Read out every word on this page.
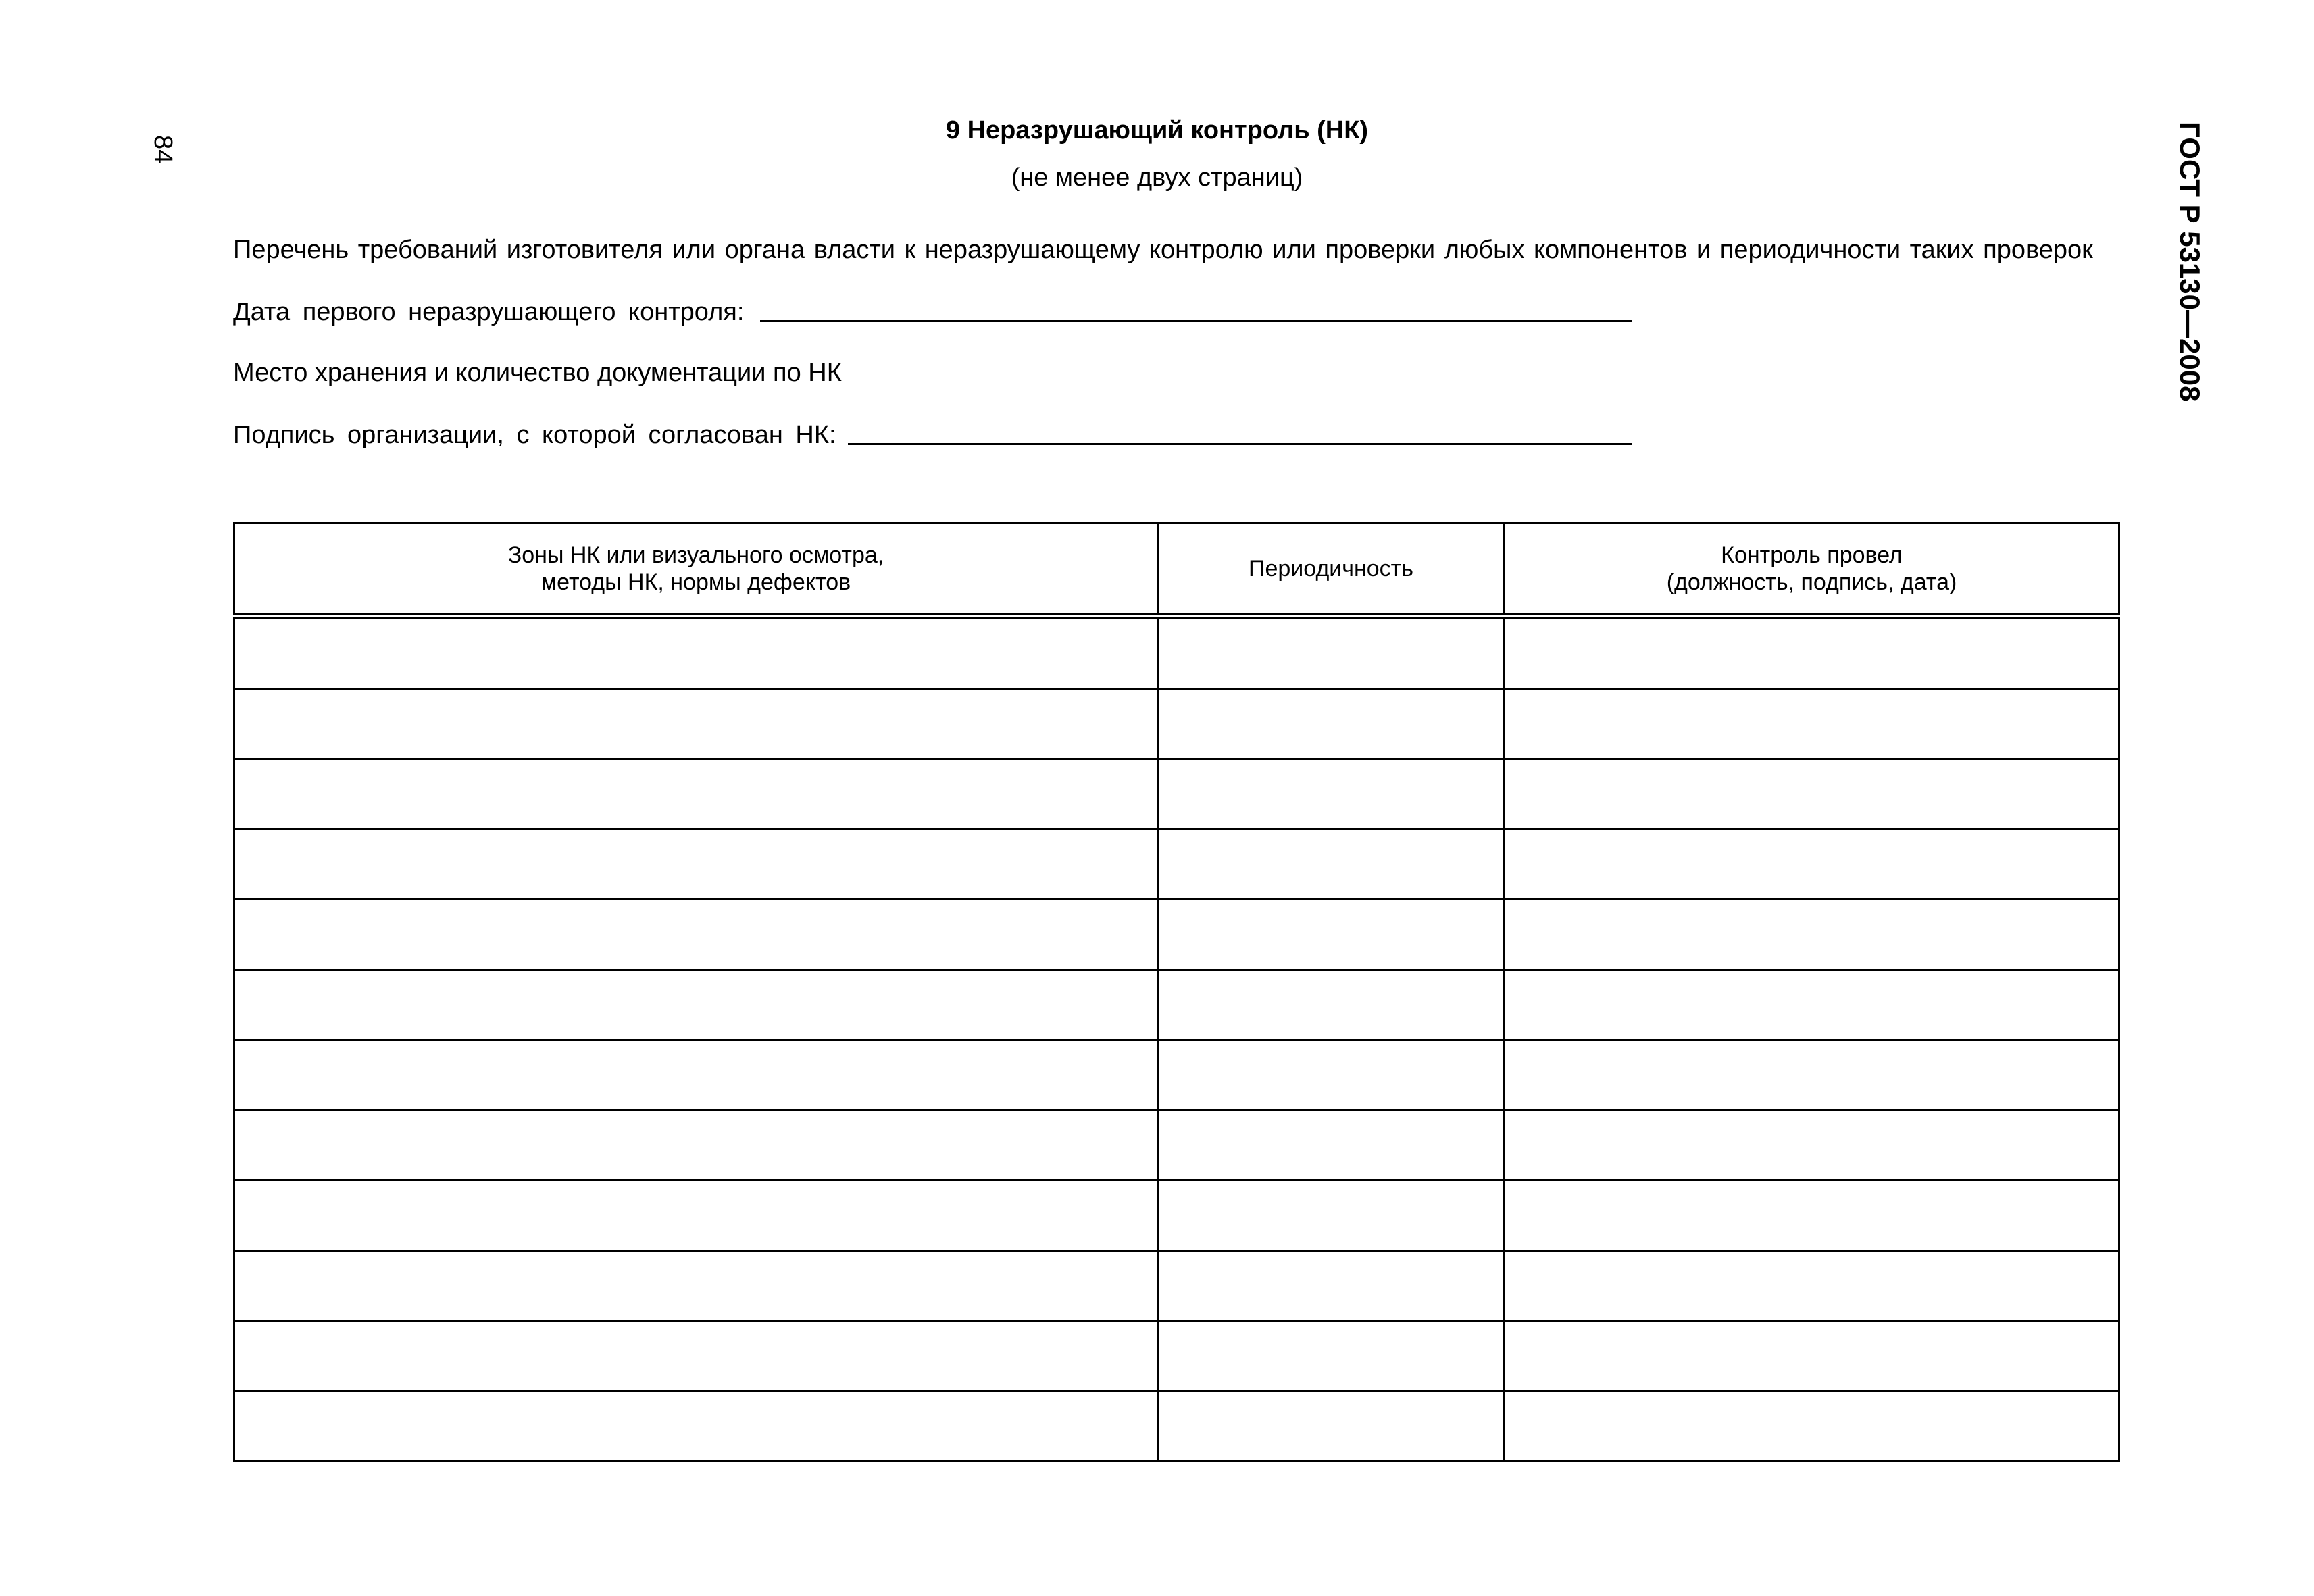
84	ГОСТ Р 53130—2008
9 Неразрушающий контроль (НК)
(не менее двух страниц)
Перечень требований изготовителя или органа власти к неразрушающему контролю или проверки любых компонентов и периодичности таких проверок
Дата первого неразрушающего контроля:
Место хранения и количество документации по НК
Подпись организации, с которой согласован НК:
Зоны НК или визуального осмотра,
методы НК, нормы дефектов	Периодичность	Контроль провел
(должность, подпись, дата)
